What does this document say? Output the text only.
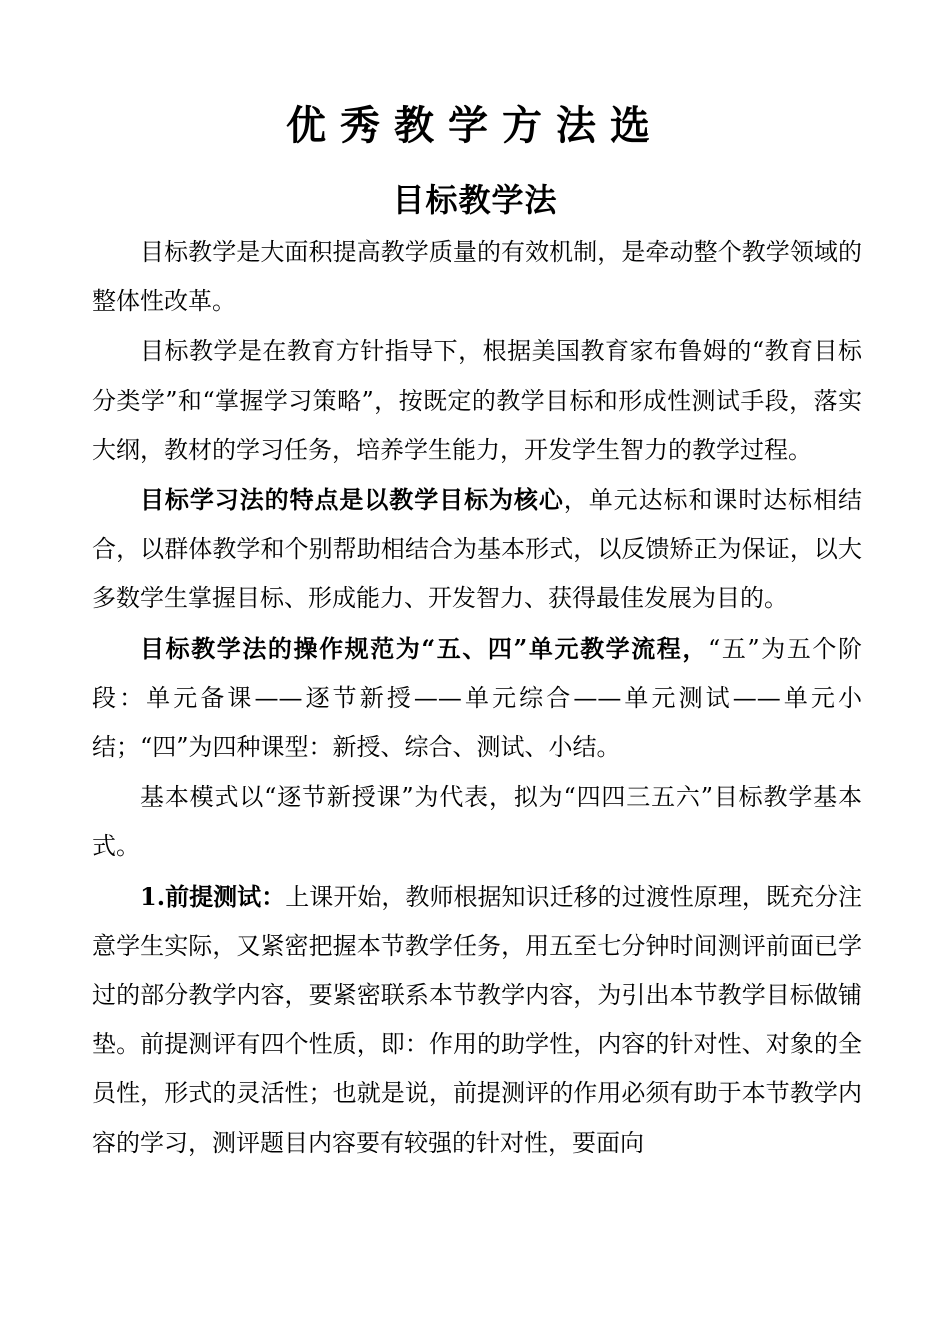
优秀教学方法选
目标教学法

目标教学是大面积提高教学质量的有效机制，是牵动整个教学领域的整体性改革。

目标教学是在教育方针指导下，根据美国教育家布鲁姆的“教育目标分类学”和“掌握学习策略”，按既定的教学目标和形成性测试手段，落实大纲，教材的学习任务，培养学生能力，开发学生智力的教学过程。

目标学习法的特点是以教学目标为核心，单元达标和课时达标相结合，以群体教学和个别帮助相结合为基本形式，以反馈矫正为保证，以大多数学生掌握目标、形成能力、开发智力、获得最佳发展为目的。

目标教学法的操作规范为“五、四”单元教学流程，“五”为五个阶段：单元备课——逐节新授——单元综合——单元测试——单元小结；“四”为四种课型：新授、综合、测试、小结。

基本模式以“逐节新授课”为代表，拟为“四四三五六”目标教学基本式。

1.前提测试：上课开始，教师根据知识迁移的过渡性原理，既充分注意学生实际，又紧密把握本节教学任务，用五至七分钟时间测评前面已学过的部分教学内容，要紧密联系本节教学内容，为引出本节教学目标做铺垫。前提测评有四个性质，即：作用的助学性，内容的针对性、对象的全员性，形式的灵活性；也就是说，前提测评的作用必须有助于本节教学内容的学习，测评题目内容要有较强的针对性，要面向
